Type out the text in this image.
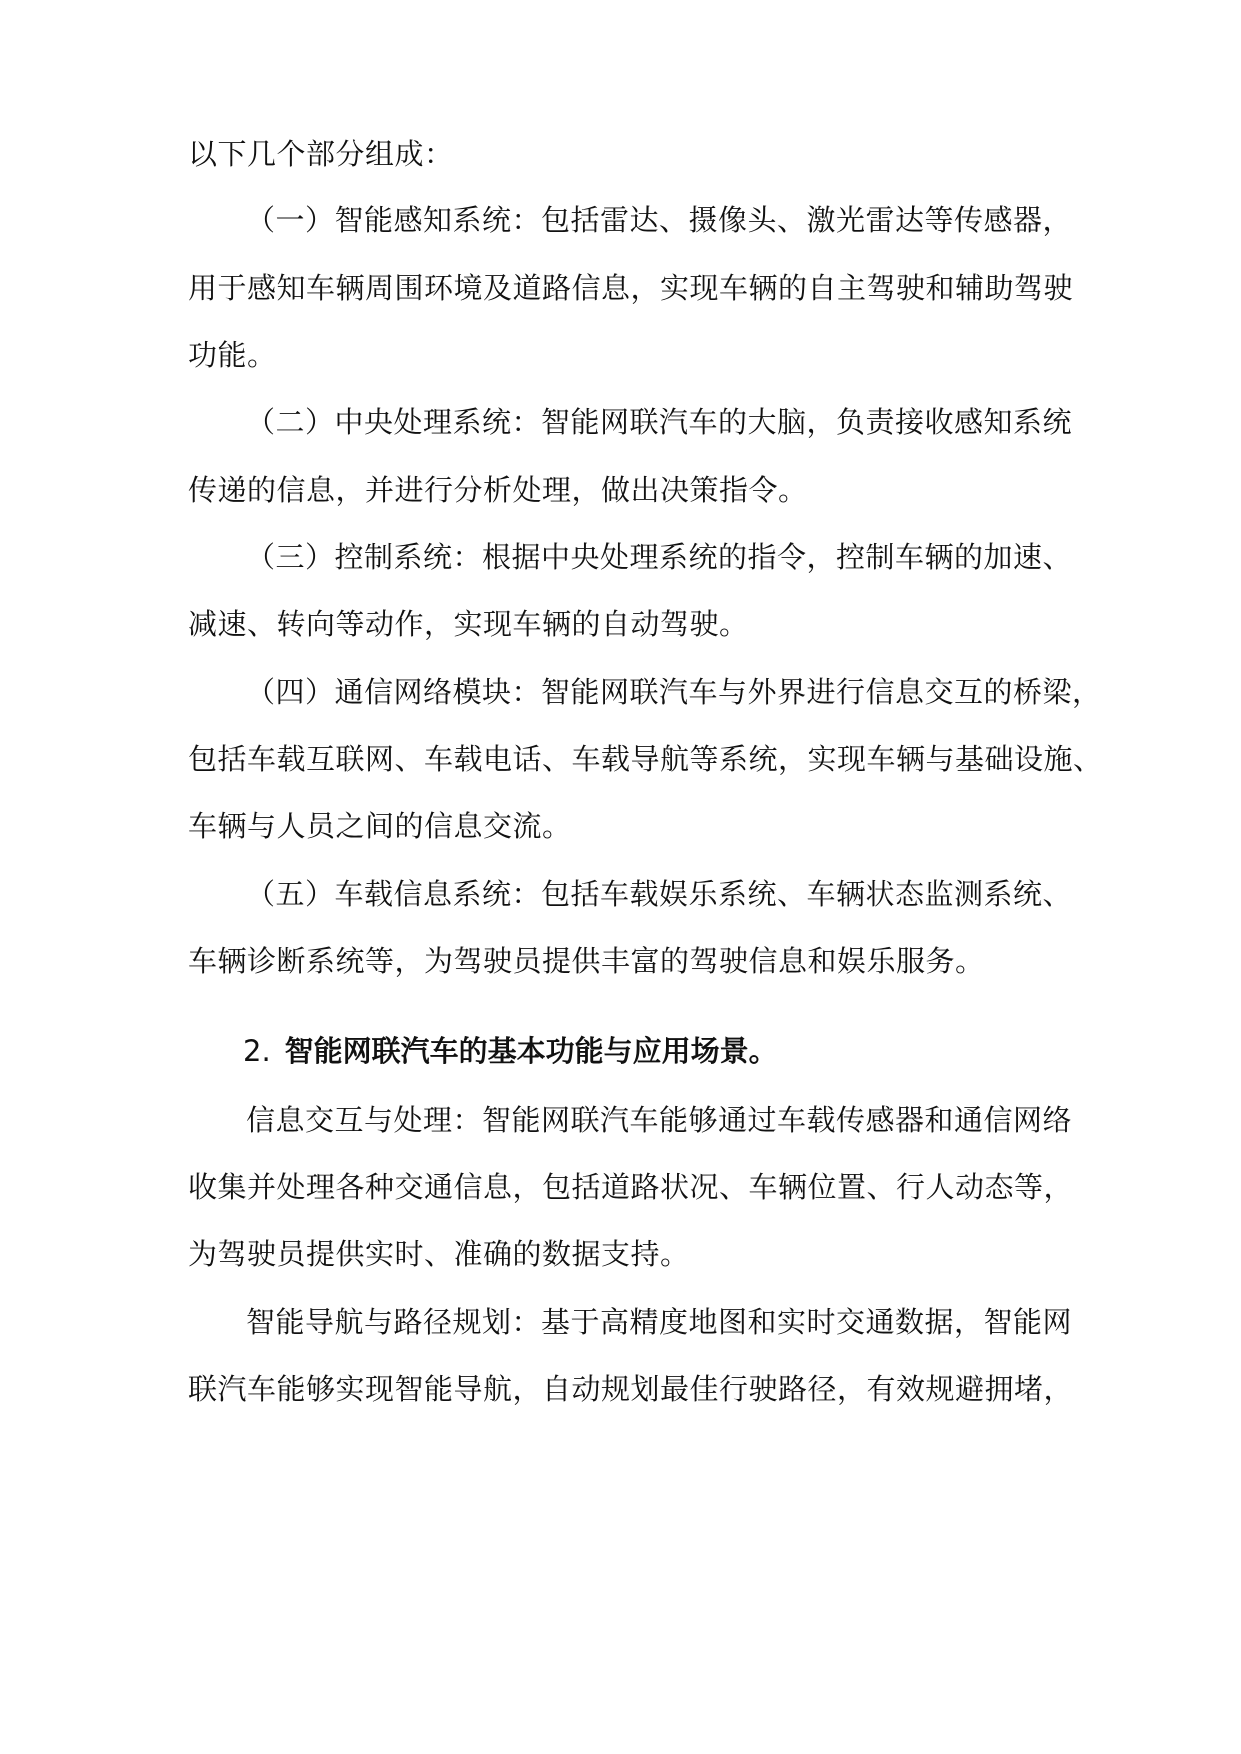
以下几个部分组成：
（一）智能感知系统：包括雷达、摄像头、激光雷达等传感器，
用于感知车辆周围环境及道路信息，实现车辆的自主驾驶和辅助驾驶
功能。
（二）中央处理系统：智能网联汽车的大脑，负责接收感知系统
传递的信息，并进行分析处理，做出决策指令。
（三）控制系统：根据中央处理系统的指令，控制车辆的加速、
减速、转向等动作，实现车辆的自动驾驶。
（四）通信网络模块：智能网联汽车与外界进行信息交互的桥梁，
包括车载互联网、车载电话、车载导航等系统，实现车辆与基础设施、
车辆与人员之间的信息交流。
（五）车载信息系统：包括车载娱乐系统、车辆状态监测系统、
车辆诊断系统等，为驾驶员提供丰富的驾驶信息和娱乐服务。
2. 智能网联汽车的基本功能与应用场景。
信息交互与处理：智能网联汽车能够通过车载传感器和通信网络
收集并处理各种交通信息，包括道路状况、车辆位置、行人动态等，
为驾驶员提供实时、准确的数据支持。
智能导航与路径规划：基于高精度地图和实时交通数据，智能网
联汽车能够实现智能导航，自动规划最佳行驶路径，有效规避拥堵，
